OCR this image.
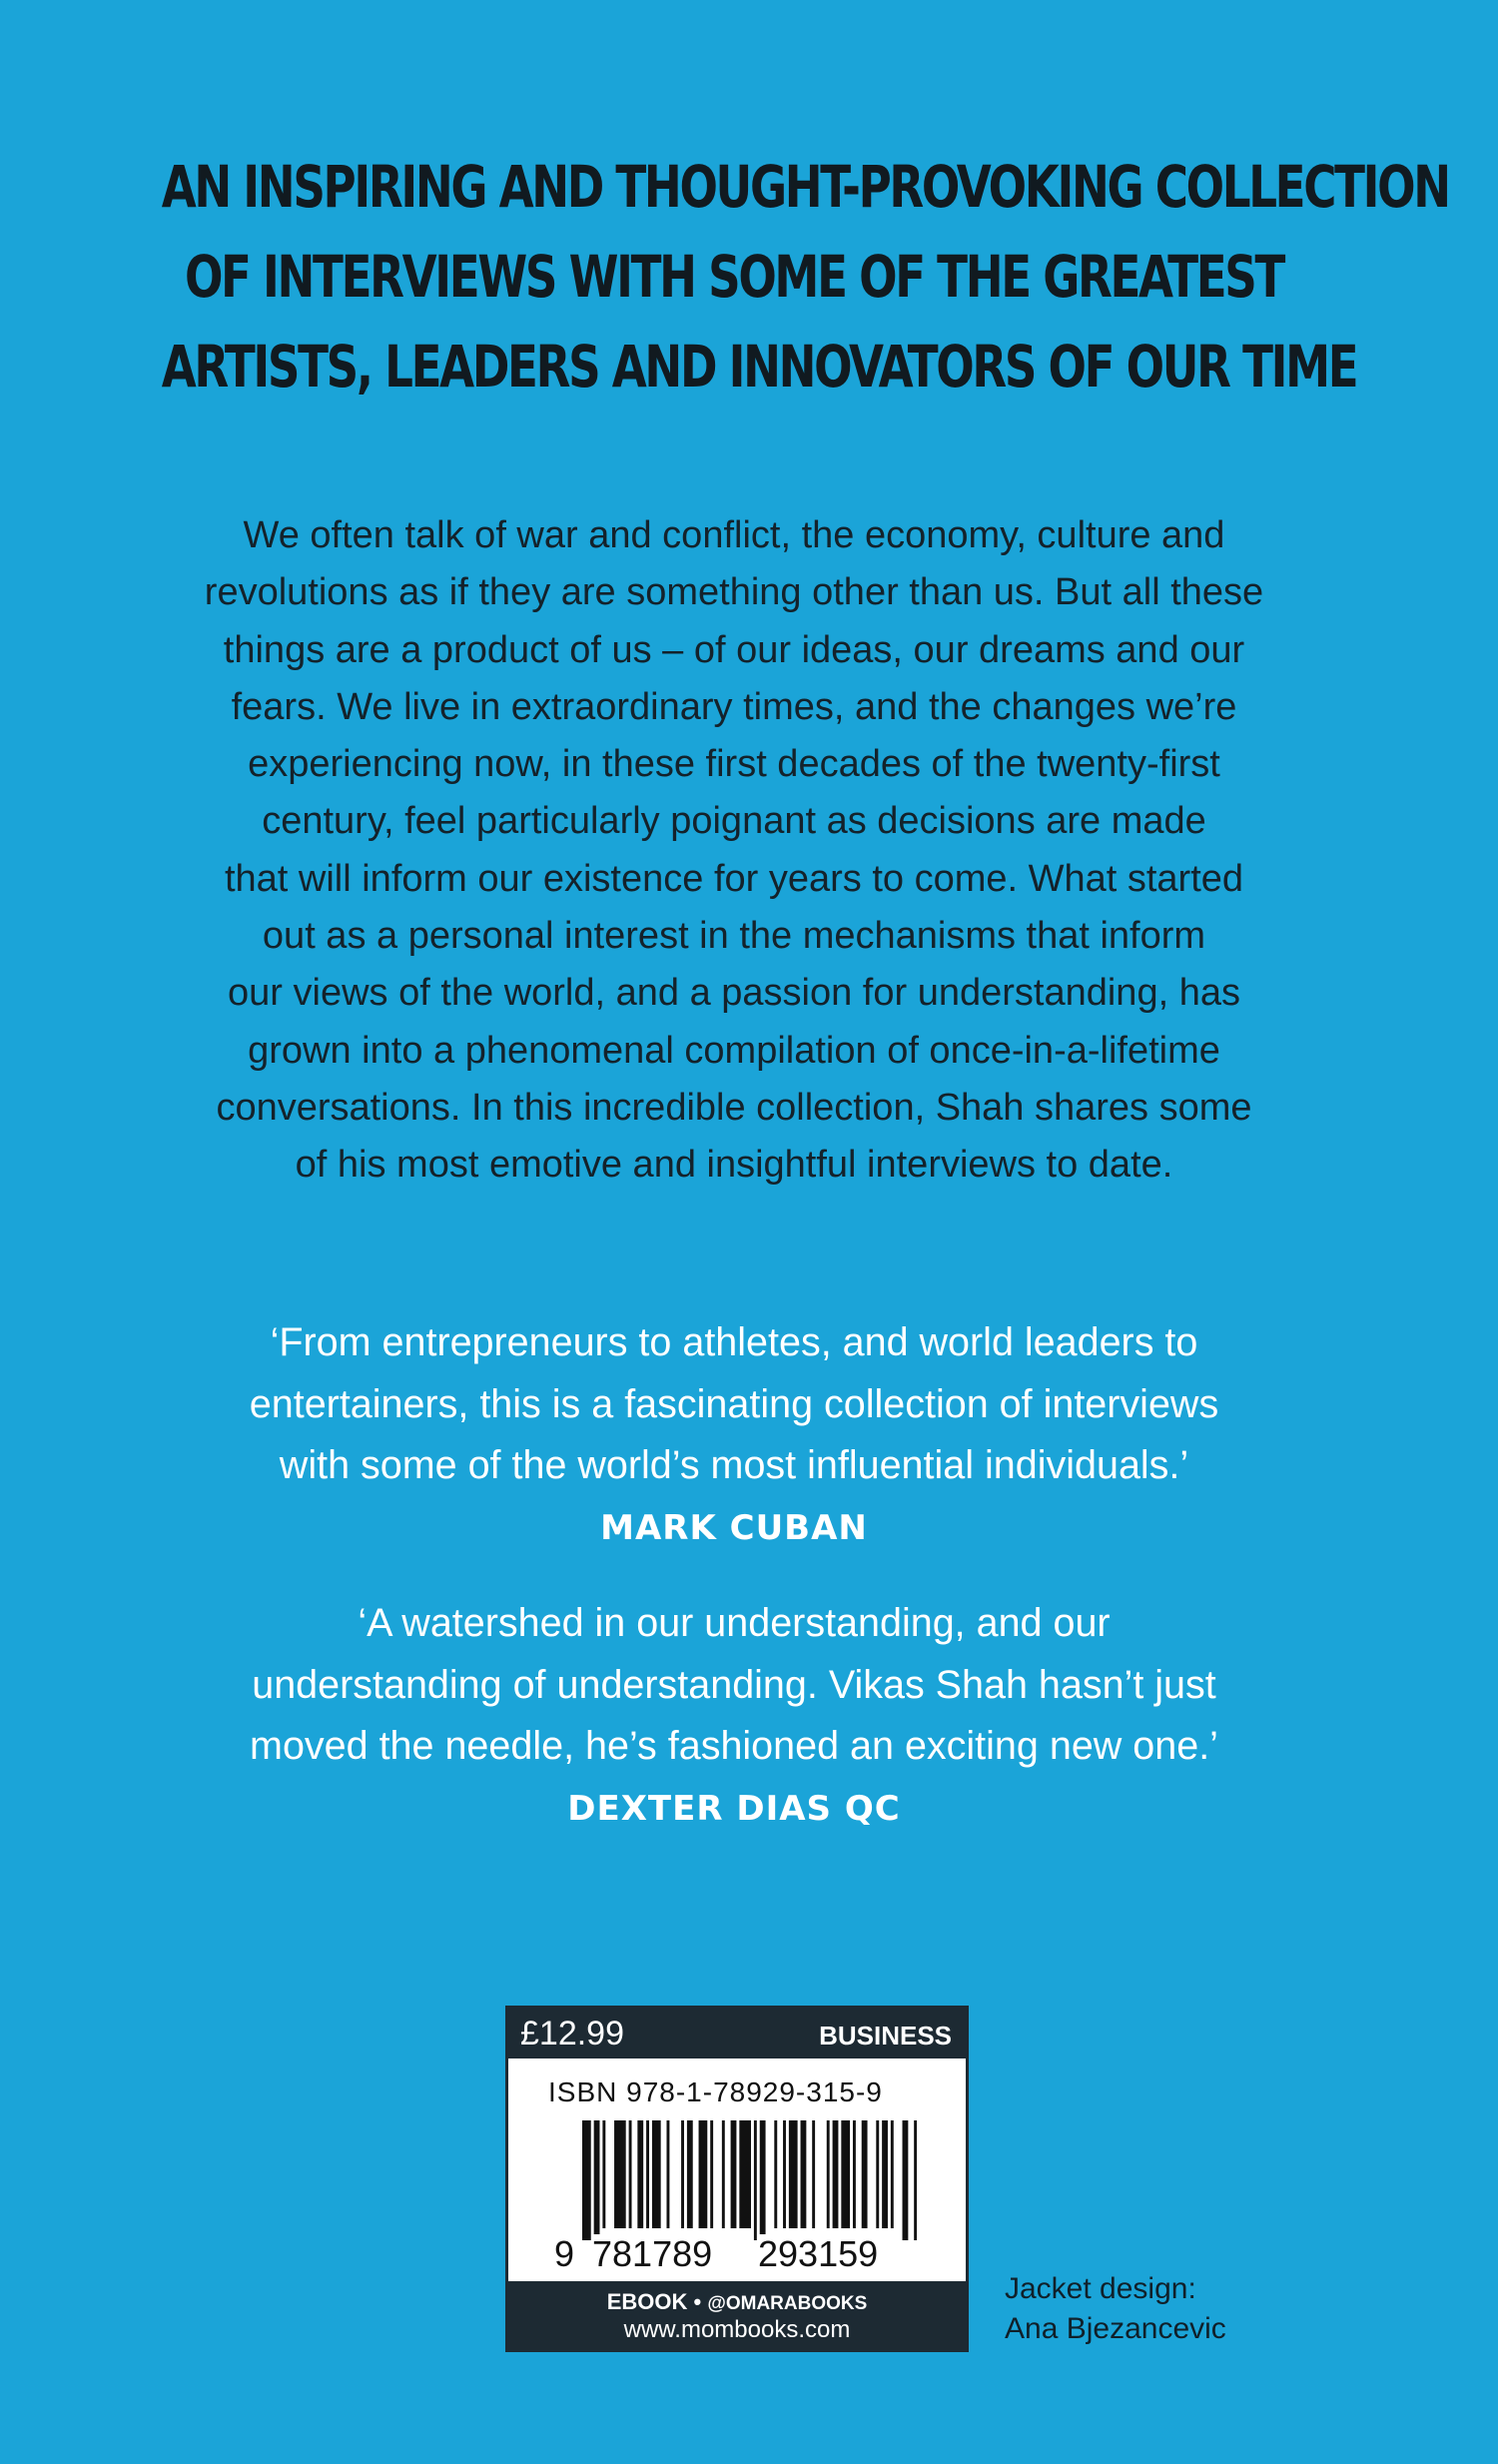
AN INSPIRING AND THOUGHT-PROVOKING COLLECTION
OF INTERVIEWS WITH SOME OF THE GREATEST
ARTISTS, LEADERS AND INNOVATORS OF OUR TIME
We often talk of war and conflict, the economy, culture and
revolutions as if they are something other than us. But all these
things are a product of us – of our ideas, our dreams and our
fears. We live in extraordinary times, and the changes we’re
experiencing now, in these first decades of the twenty-first
century, feel particularly poignant as decisions are made
that will inform our existence for years to come. What started
out as a personal interest in the mechanisms that inform
our views of the world, and a passion for understanding, has
grown into a phenomenal compilation of once-in-a-lifetime
conversations. In this incredible collection, Shah shares some
of his most emotive and insightful interviews to date.
‘From entrepreneurs to athletes, and world leaders to
entertainers, this is a fascinating collection of interviews
with some of the world’s most influential individuals.’
MARK CUBAN
‘A watershed in our understanding, and our
understanding of understanding. Vikas Shah hasn’t just
moved the needle, he’s fashioned an exciting new one.’
DEXTER DIAS QC
£12.99	BUSINESS
ISBN 978-1-78929-315-9
9 781789 293159
EBOOK • @OMARABOOKS
www.mombooks.com
Jacket design:
Ana Bjezancevic
